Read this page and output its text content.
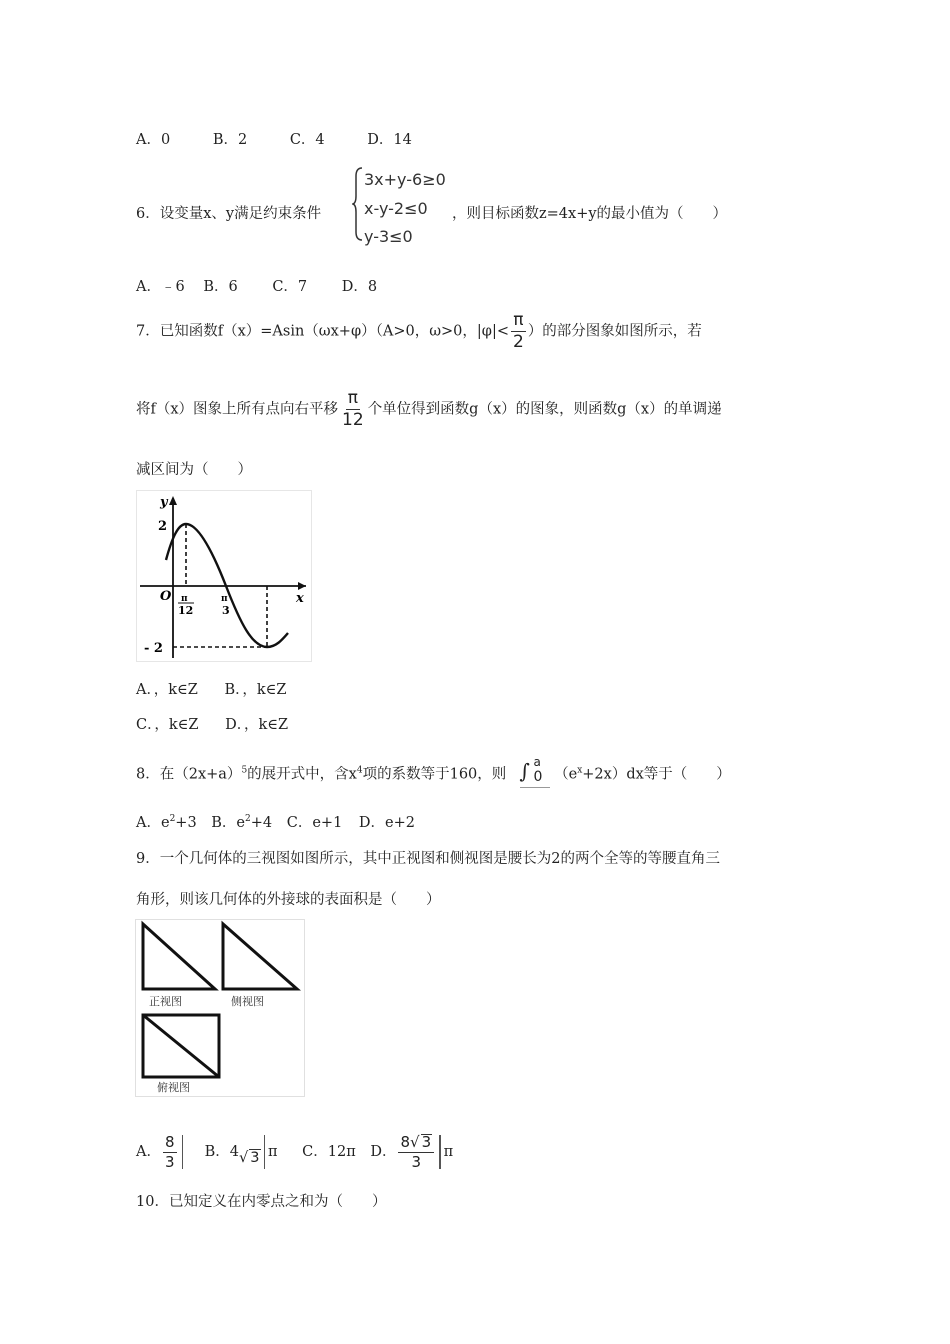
A．0	B．2	C．4	D．14
6．设变量x、y满足约束条件
3x+y-6≥0
x-y-2≤0
y-3≤0
，则目标函数z=4x+y的最小值为（　　）
A．﹣6 B．6 C．7 D．8
7．已知函数f（x）=Asin（ωx+φ）（A>0，ω>0，$|\varphi|< \frac{\pi}{2}$ ）的部分图象如图所示，若
将f（x）图象上所有点向右平移 $\frac{\pi}{12}$ 个单位得到函数g（x）的图象，则函数g（x）的单调递
减区间为（　　）
y
x
O
2
- 2
π
12
π
3
A．，k∈Z B．，k∈Z
C．，k∈Z D．，k∈Z
8．在$(2x+a)^5$的展开式中，含$x^4$项的系数等于160，则 ∫ a
0 $(e^x+2x)dx$等于（　　）
A．$e^2+3$ B．$e^2+4$ C．e+1 D．e+2
9．一个几何体的三视图如图所示，其中正视图和侧视图是腰长为2的两个全等的等腰直角三
角形，则该几何体的外接球的表面积是（　　）
正视图	侧视图
俯视图
A． $\frac{8}{3}$ B．4√ 3 π C．12π D． $\frac{8√ 3}{3}$ π
10．已知定义在内零点之和为（　　）
